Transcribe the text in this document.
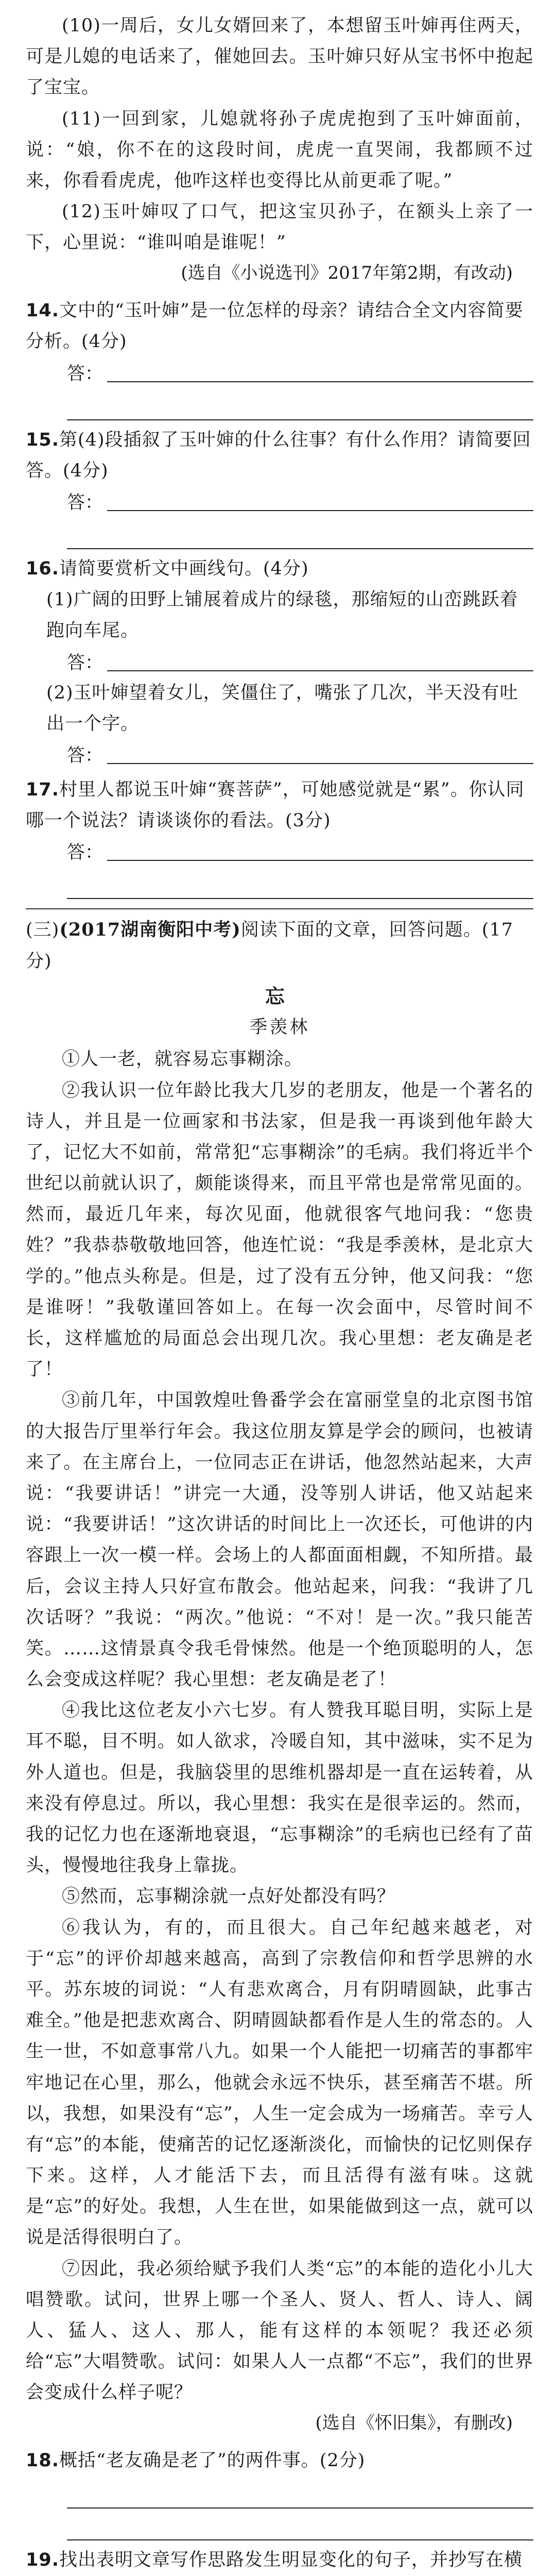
(10)一周后，女儿女婿回来了，本想留玉叶婶再住两天，可是儿媳的电话来了，催她回去。玉叶婶只好从宝书怀中抱起了宝宝。

(11)一回到家，儿媳就将孙子虎虎抱到了玉叶婶面前，说：“娘，你不在的这段时间，虎虎一直哭闹，我都顾不过来，你看看虎虎，他咋这样也变得比从前更乖了呢。”

(12)玉叶婶叹了口气，把这宝贝孙子，在额头上亲了一下，心里说：“谁叫咱是谁呢！”

(选自《小说选刊》2017年第2期，有改动)

14.文中的“玉叶婶”是一位怎样的母亲？请结合全文内容简要分析。(4分)
答：
15.第(4)段插叙了玉叶婶的什么往事？有什么作用？请简要回答。(4分)
答：
16.请简要赏析文中画线句。(4分)

(1)广阔的田野上铺展着成片的绿毯，那缩短的山峦跳跃着跑向车尾。

答：

(2)玉叶婶望着女儿，笑僵住了，嘴张了几次，半天没有吐出一个字。

答：
17.村里人都说玉叶婶“赛菩萨”，可她感觉就是“累”。你认同哪一个说法？请谈谈你的看法。(3分)
答：
(三)(2017湖南衡阳中考)阅读下面的文章，回答问题。(17分)
忘
季羡林

①人一老，就容易忘事糊涂。

②我认识一位年龄比我大几岁的老朋友，他是一个著名的诗人，并且是一位画家和书法家，但是我一再谈到他年龄大了，记忆大不如前，常常犯“忘事糊涂”的毛病。我们将近半个世纪以前就认识了，颇能谈得来，而且平常也是常常见面的。然而，最近几年来，每次见面，他就很客气地问我：“您贵姓？”我恭恭敬敬地回答，他连忙说：“我是季羡林，是北京大学的。”他点头称是。但是，过了没有五分钟，他又问我：“您是谁呀！”我敬谨回答如上。在每一次会面中，尽管时间不长，这样尴尬的局面总会出现几次。我心里想：老友确是老了！

③前几年，中国敦煌吐鲁番学会在富丽堂皇的北京图书馆的大报告厅里举行年会。我这位朋友算是学会的顾问，也被请来了。在主席台上，一位同志正在讲话，他忽然站起来，大声说：“我要讲话！”讲完一大通，没等别人讲话，他又站起来说：“我要讲话！”这次讲话的时间比上一次还长，可他讲的内容跟上一次一模一样。会场上的人都面面相觑，不知所措。最后，会议主持人只好宣布散会。他站起来，问我：“我讲了几次话呀？”我说：“两次。”他说：“不对！是一次。”我只能苦笑。……这情景真令我毛骨悚然。他是一个绝顶聪明的人，怎么会变成这样呢？我心里想：老友确是老了！

④我比这位老友小六七岁。有人赞我耳聪目明，实际上是耳不聪，目不明。如人欲求，冷暖自知，其中滋味，实不足为外人道也。但是，我脑袋里的思维机器却是一直在运转着，从来没有停息过。所以，我心里想：我实在是很幸运的。然而，我的记忆力也在逐渐地衰退，“忘事糊涂”的毛病也已经有了苗头，慢慢地往我身上靠拢。

⑤然而，忘事糊涂就一点好处都没有吗？

⑥我认为，有的，而且很大。自己年纪越来越老，对于“忘”的评价却越来越高，高到了宗教信仰和哲学思辨的水平。苏东坡的词说：“人有悲欢离合，月有阴晴圆缺，此事古难全。”他是把悲欢离合、阴晴圆缺都看作是人生的常态的。人生一世，不如意事常八九。如果一个人能把一切痛苦的事都牢牢地记在心里，那么，他就会永远不快乐，甚至痛苦不堪。所以，我想，如果没有“忘”，人生一定会成为一场痛苦。幸亏人有“忘”的本能，使痛苦的记忆逐渐淡化，而愉快的记忆则保存下来。这样，人才能活下去，而且活得有滋有味。这就是“忘”的好处。我想，人生在世，如果能做到这一点，就可以说是活得很明白了。

⑦因此，我必须给赋予我们人类“忘”的本能的造化小儿大唱赞歌。试问，世界上哪一个圣人、贤人、哲人、诗人、阔人、猛人、这人、那人，能有这样的本领呢？我还必须给“忘”大唱赞歌。试问：如果人人一点都“不忘”，我们的世界会变成什么样子呢？

(选自《怀旧集》，有删改)

18.概括“老友确是老了”的两件事。(2分)
19.找出表明文章写作思路发生明显变化的句子，并抄写在横
